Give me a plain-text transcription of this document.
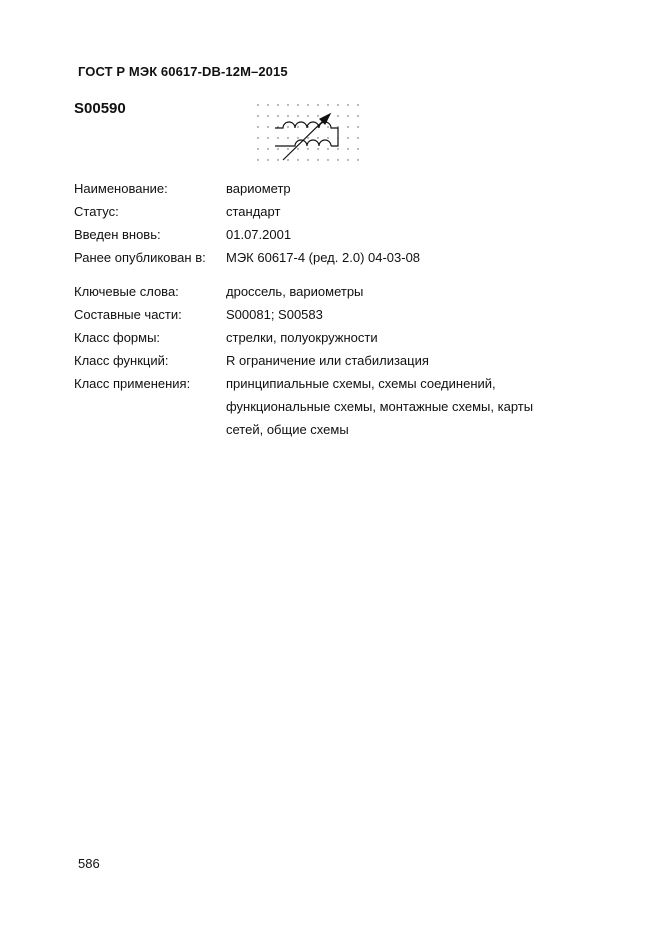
ГОСТ Р МЭК 60617-DB-12M–2015
S00590
Наименование:	вариометр
Статус:	стандарт
Введен вновь:	01.07.2001
Ранее опубликован в: МЭК 60617-4 (ред. 2.0) 04-03-08
Ключевые слова:	дроссель, вариометры
Составные части:	S00081; S00583
Класс формы:	стрелки, полуокружности
Класс функций:	R ограничение или стабилизация
Класс применения:	принципиальные схемы, схемы соединений,
функциональные схемы, монтажные схемы, карты
сетей, общие схемы
586
